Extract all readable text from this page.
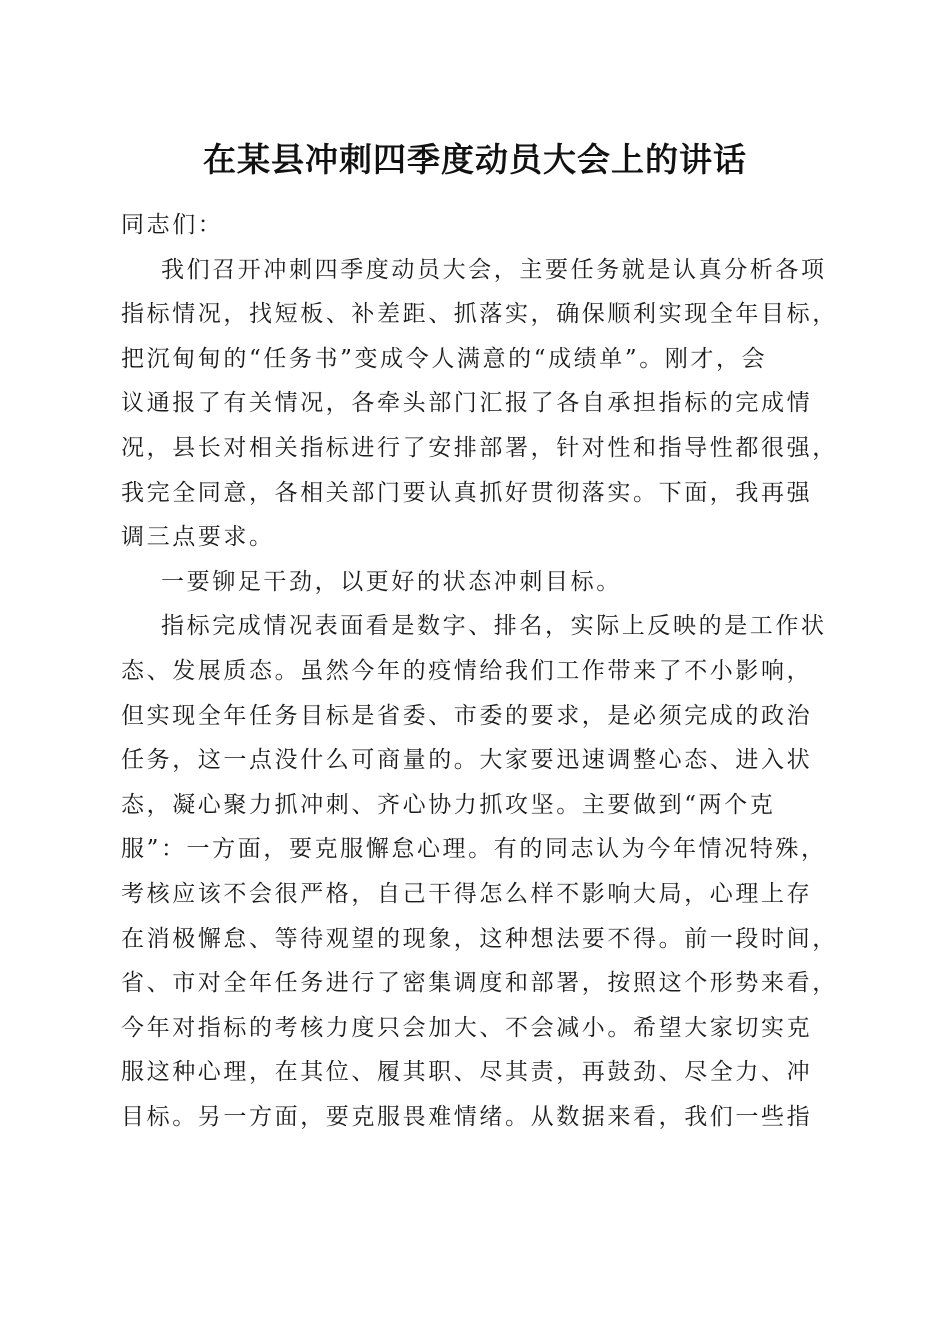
在某县冲刺四季度动员大会上的讲话

同志们：

我们召开冲刺四季度动员大会，主要任务就是认真分析各项

指标情况，找短板、补差距、抓落实，确保顺利实现全年目标，

把沉甸甸的“任务书”变成令人满意的“成绩单”。刚才，会

议通报了有关情况，各牵头部门汇报了各自承担指标的完成情

况，县长对相关指标进行了安排部署，针对性和指导性都很强，

我完全同意，各相关部门要认真抓好贯彻落实。下面，我再强

调三点要求。

一要铆足干劲，以更好的状态冲刺目标。

指标完成情况表面看是数字、排名，实际上反映的是工作状

态、发展质态。虽然今年的疫情给我们工作带来了不小影响，

但实现全年任务目标是省委、市委的要求，是必须完成的政治

任务，这一点没什么可商量的。大家要迅速调整心态、进入状

态，凝心聚力抓冲刺、齐心协力抓攻坚。主要做到“两个克

服”：一方面，要克服懈怠心理。有的同志认为今年情况特殊，

考核应该不会很严格，自己干得怎么样不影响大局，心理上存

在消极懈怠、等待观望的现象，这种想法要不得。前一段时间，

省、市对全年任务进行了密集调度和部署，按照这个形势来看，

今年对指标的考核力度只会加大、不会减小。希望大家切实克

服这种心理，在其位、履其职、尽其责，再鼓劲、尽全力、冲

目标。另一方面，要克服畏难情绪。从数据来看，我们一些指
